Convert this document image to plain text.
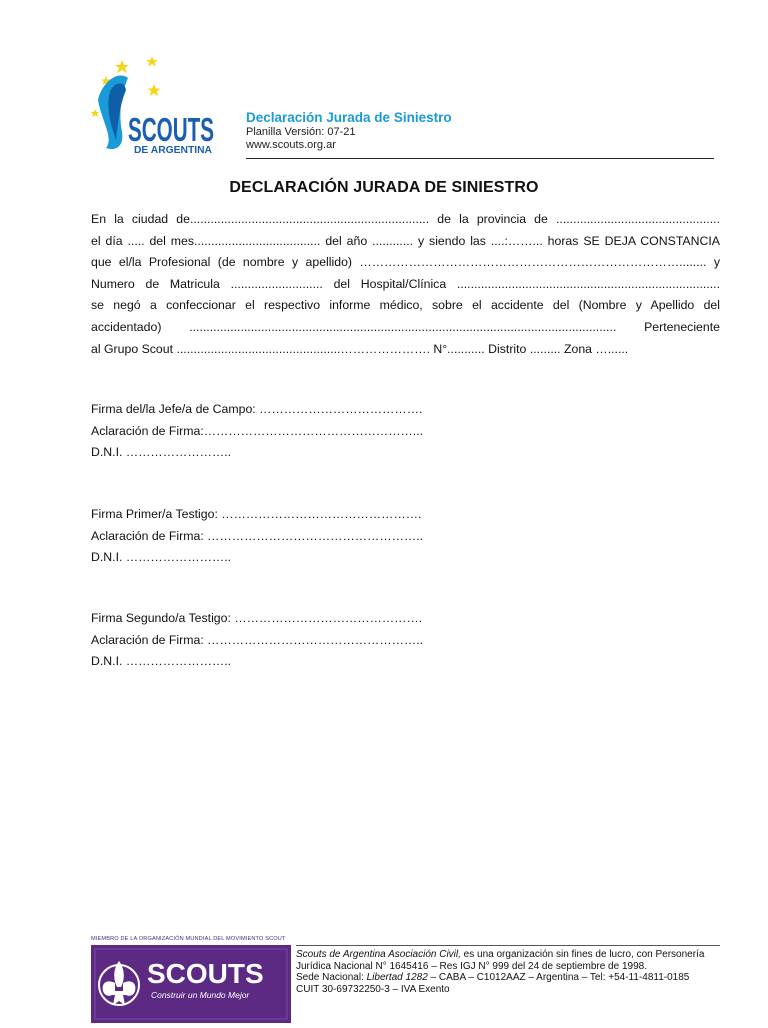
SCOUTS
DE ARGENTINA
Declaración Jurada de Siniestro
Planilla Versión: 07-21
www.scouts.org.ar
DECLARACIÓN JURADA DE SINIESTRO
En la ciudad de...................................................................... de la provincia de ................................................
el día ..... del mes..................................... del año ............ y siendo las ....:……... horas SE DEJA CONSTANCIA
que el/la Profesional (de nombre y apellido) ……………………………………………………………………........ y
Numero de Matricula ........................... del Hospital/Clínica .............................................................................
se negó a confeccionar el respectivo informe médico, sobre el accidente del (Nombre y Apellido del
accidentado) ............................................................................................................................. Perteneciente
al Grupo Scout ................................................…………………. N°........... Distrito ......... Zona …......
Firma del/la Jefe/a de Campo: ………………………………….
Aclaración de Firma:……………………………………………...
D.N.I. ……………………..
Firma Primer/a Testigo: ………………………………………….
Aclaración de Firma: ……………………………………………..
D.N.I. ……………………..
Firma Segundo/a Testigo: ……………………………………….
Aclaración de Firma: ……………………………………………..
D.N.I. ……………………..
MIEMBRO DE LA ORGANIZACIÓN MUNDIAL DEL MOVIMIENTO SCOUT
SCOUTS
Construir un Mundo Mejor
Scouts de Argentina Asociación Civil, es una organización sin fines de lucro, con Personería
Jurídica Nacional N° 1645416 – Res IGJ N° 999 del 24 de septiembre de 1998.
Sede Nacional: Libertad 1282 – CABA – C1012AAZ – Argentina – Tel: +54-11-4811-0185
CUIT 30-69732250-3 – IVA Exento
